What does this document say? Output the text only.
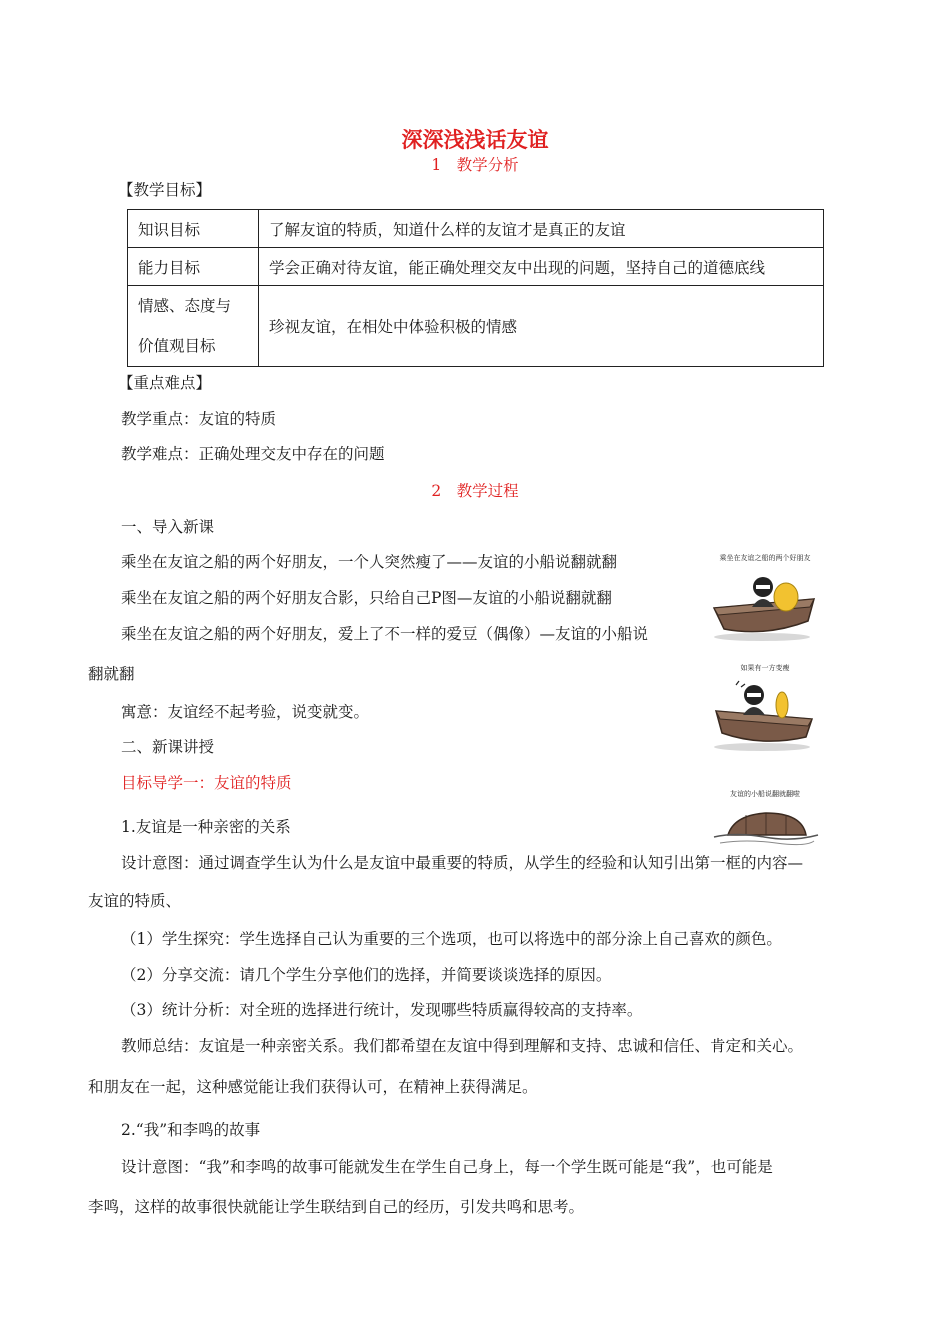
深深浅浅话友谊
1　教学分析
【教学目标】
知识目标	了解友谊的特质，知道什么样的友谊才是真正的友谊
能力目标	学会正确对待友谊，能正确处理交友中出现的问题，坚持自己的道德底线

情感、态度与
价值观目标	珍视友谊，在相处中体验积极的情感
【重点难点】
教学重点：友谊的特质
教学难点：正确处理交友中存在的问题
2　教学过程
一、导入新课
乘坐在友谊之船的两个好朋友，一个人突然瘦了——友谊的小船说翻就翻
乘坐在友谊之船的两个好朋友合影，只给自己P图—友谊的小船说翻就翻
乘坐在友谊之船的两个好朋友，爱上了不一样的爱豆（偶像）—友谊的小船说
翻就翻
寓意：友谊经不起考验，说变就变。
二、新课讲授
目标导学一：友谊的特质
1.友谊是一种亲密的关系
设计意图：通过调查学生认为什么是友谊中最重要的特质，从学生的经验和认知引出第一框的内容—
友谊的特质、
（1）学生探究：学生选择自己认为重要的三个选项，也可以将选中的部分涂上自己喜欢的颜色。
（2）分享交流：请几个学生分享他们的选择，并简要谈谈选择的原因。
（3）统计分析：对全班的选择进行统计，发现哪些特质赢得较高的支持率。
教师总结：友谊是一种亲密关系。我们都希望在友谊中得到理解和支持、忠诚和信任、肯定和关心。
和朋友在一起，这种感觉能让我们获得认可，在精神上获得满足。
2.“我”和李鸣的故事
设计意图：“我”和李鸣的故事可能就发生在学生自己身上，每一个学生既可能是“我”，也可能是
李鸣，这样的故事很快就能让学生联结到自己的经历，引发共鸣和思考。
乘坐在友谊之船的两个好朋友
如果有一方变瘦
友谊的小船说翻就翻啦
